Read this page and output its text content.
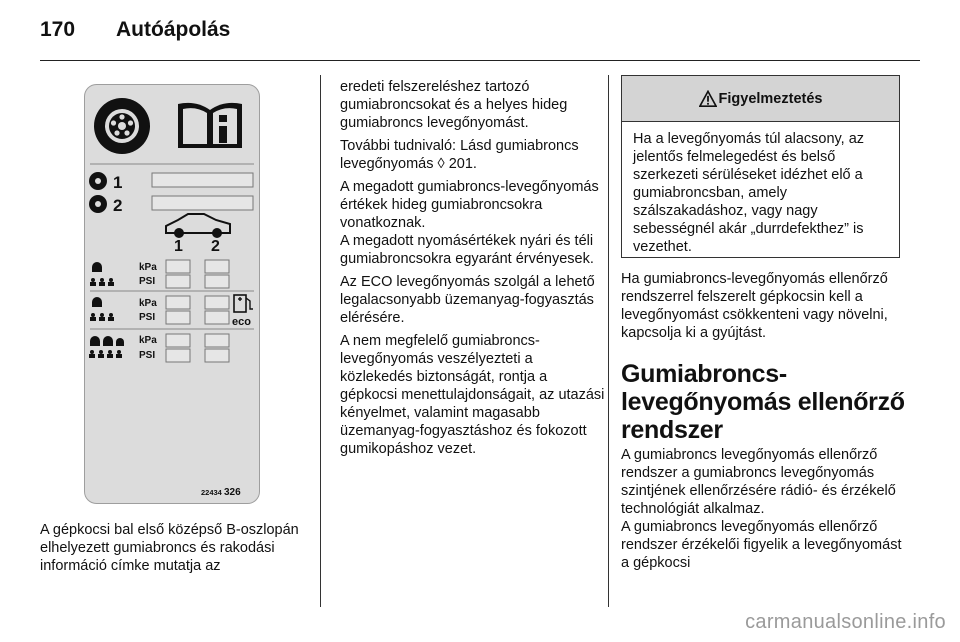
170 Autóápolás
1
2
1 2
kPa
PSI
kPa
PSI	eco
kPa
PSI
22434 326

A gépkocsi bal első középső B-oszlopán elhelyezett gumiabroncs és rakodási információ címke mutatja az

eredeti felszereléshez tartozó gumiabroncsokat és a helyes hideg gumiabroncs levegőnyomást.

További tudnivaló: Lásd gumiabroncs levegőnyomás ◊ 201.

A megadott gumiabroncs-levegőnyomás értékek hideg gumiabroncsokra vonatkoznak.

A megadott nyomásértékek nyári és téli gumiabroncsokra egyaránt érvényesek.

Az ECO levegőnyomás szolgál a lehető legalacsonyabb üzemanyag-fogyasztás elérésére.

A nem megfelelő gumiabroncs-levegőnyomás veszélyezteti a közlekedés biztonságát, rontja a gépkocsi menettulajdonságait, az utazási kényelmet, valamint magasabb üzemanyag-fogyasztáshoz és fokozott gumikopáshoz vezet.

Figyelmeztetés

Ha a levegőnyomás túl alacsony, az jelentős felmelegedést és belső szerkezeti sérüléseket idézhet elő a gumiabroncsban, amely szálszakadáshoz, vagy nagy sebességnél akár „durrdefekthez” is vezethet.

Ha gumiabroncs-levegőnyomás ellenőrző rendszerrel felszerelt gépkocsin kell a levegőnyomást csökkenteni vagy növelni, kapcsolja ki a gyújtást.

Gumiabroncs-levegőnyomás ellenőrző rendszer

A gumiabroncs levegőnyomás ellenőrző rendszer a gumiabroncs levegőnyomás szintjének ellenőrzésére rádió- és érzékelő technológiát alkalmaz.

A gumiabroncs levegőnyomás ellenőrző rendszer érzékelői figyelik a levegőnyomást a gépkocsi

carmanualsonline.info
